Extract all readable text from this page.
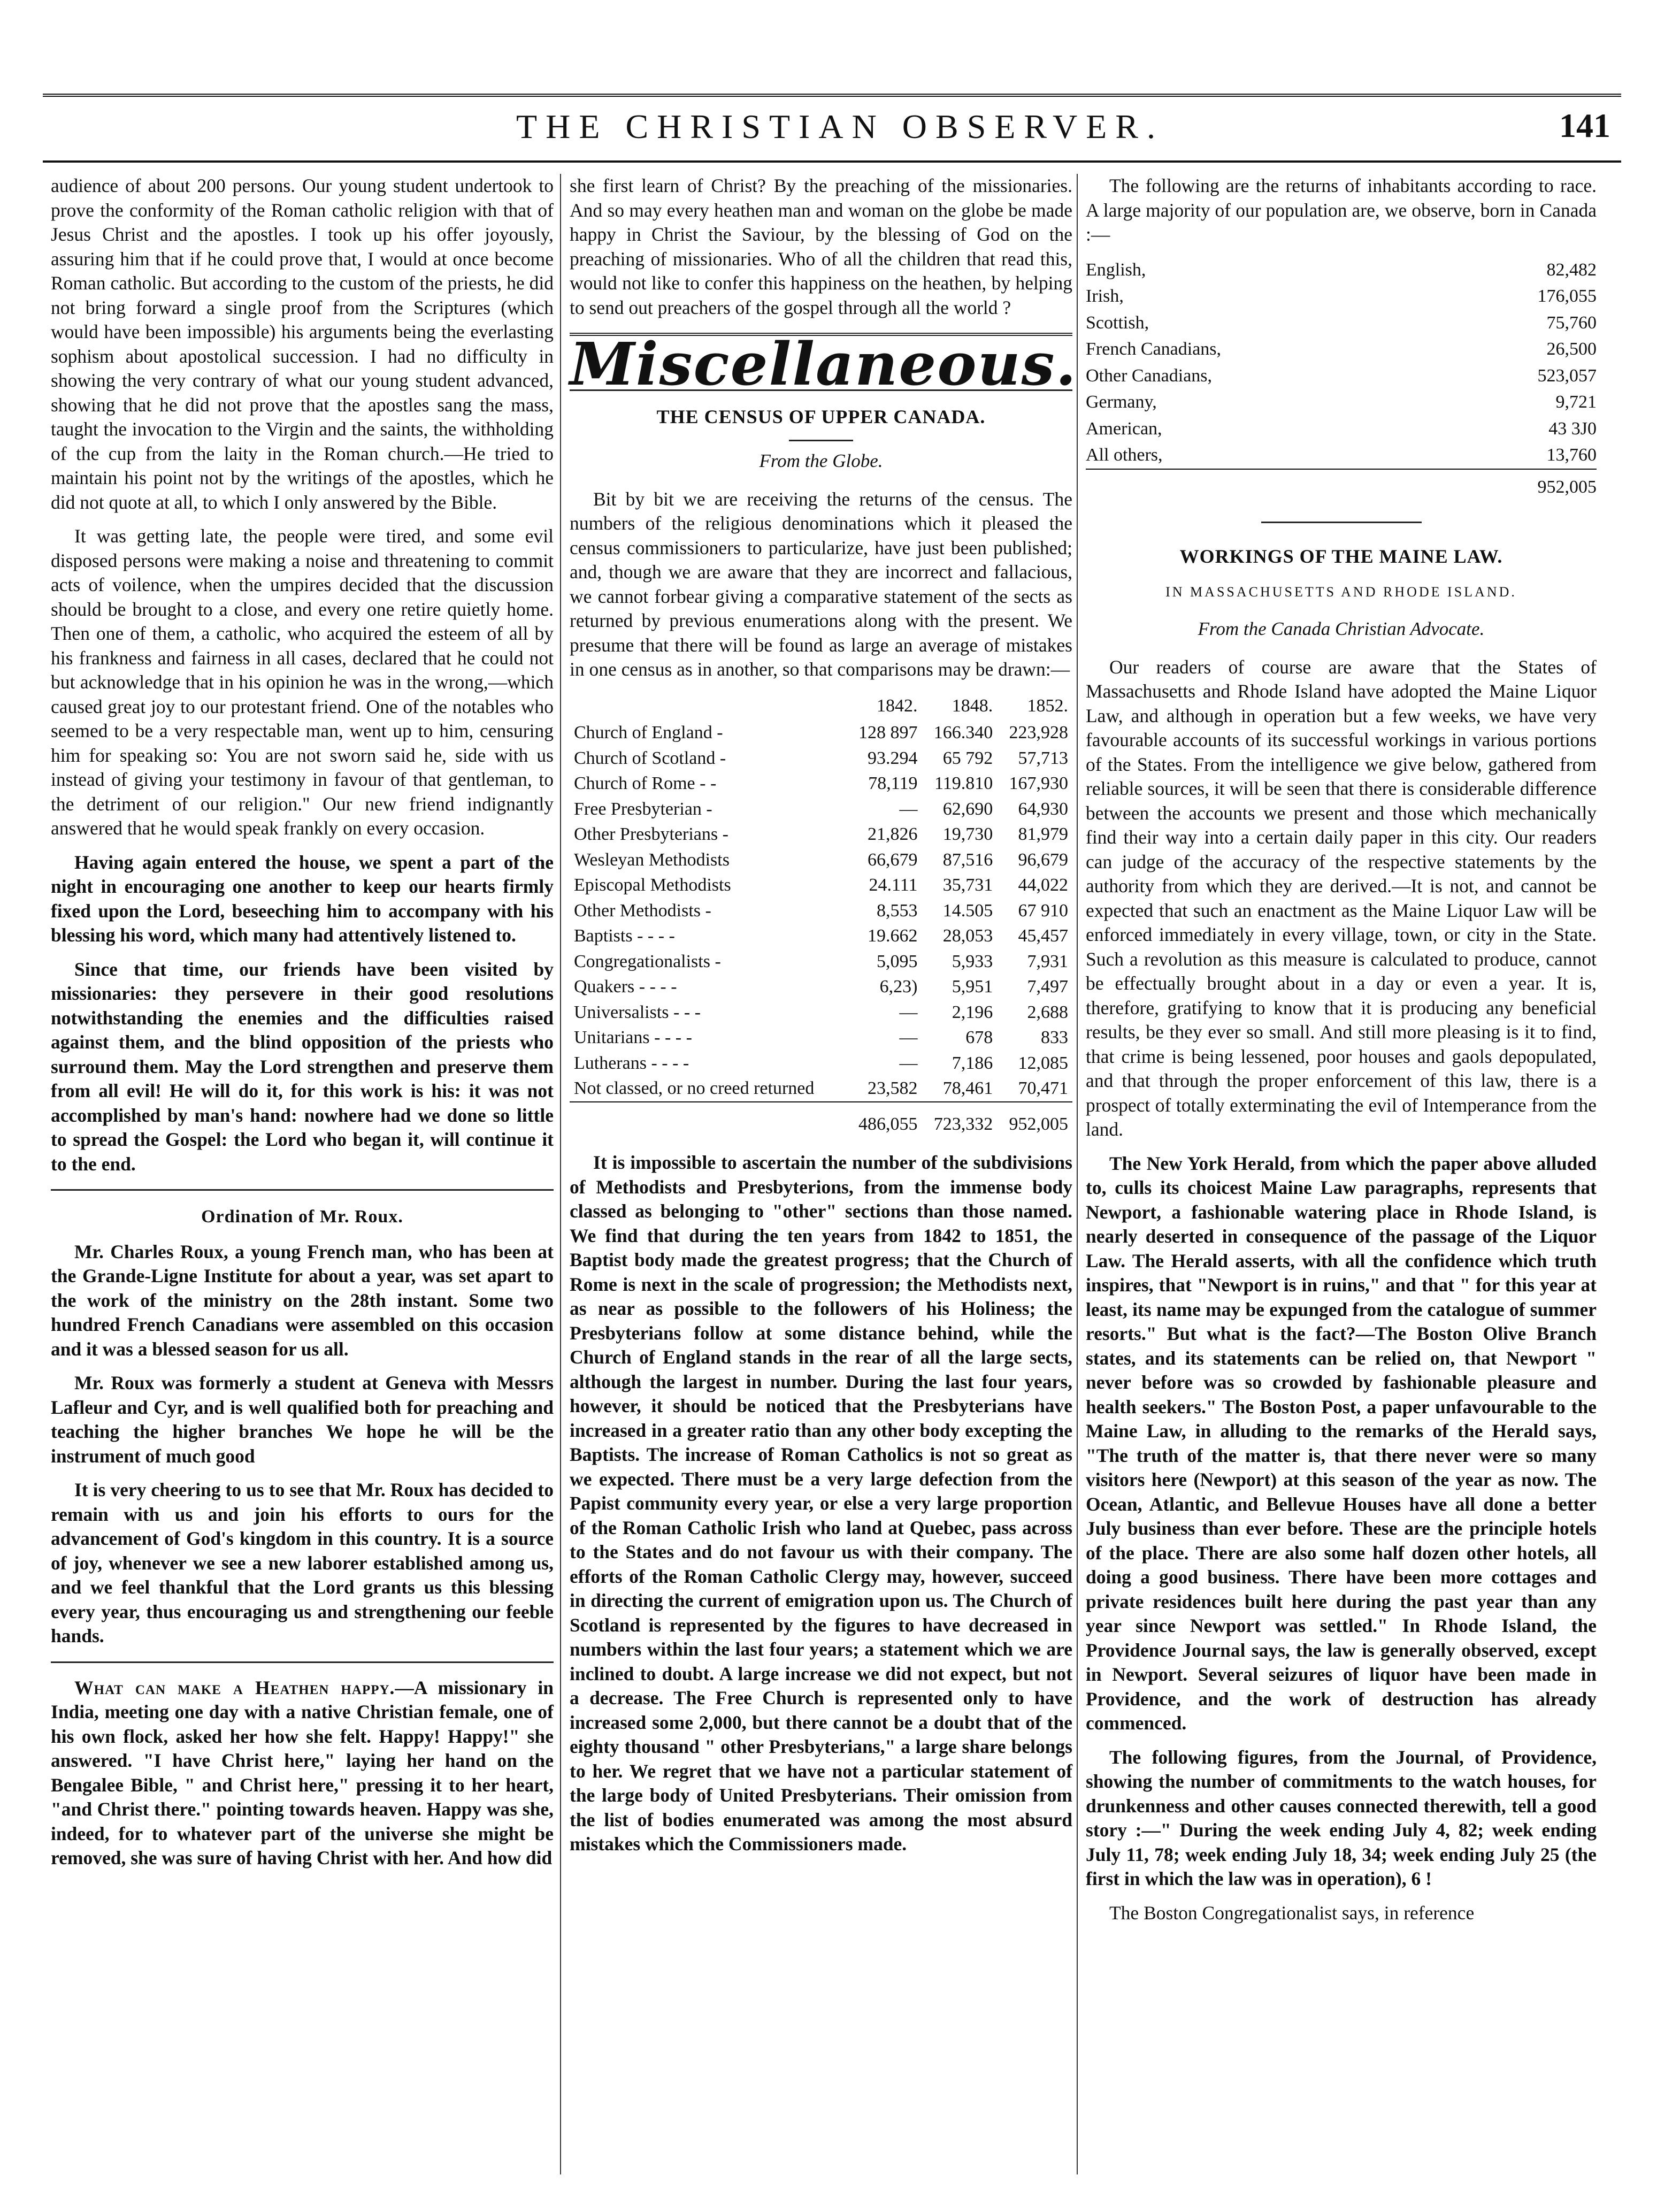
THE CHRISTIAN OBSERVER.	141

audience of about 200 persons. Our young student undertook to prove the conformity of the Roman catholic religion with that of Jesus Christ and the apostles. I took up his offer joyously, assuring him that if he could prove that, I would at once become Roman catholic. But according to the custom of the priests, he did not bring forward a single proof from the Scriptures (which would have been impossible) his arguments being the everlasting sophism about apostolical succession. I had no difficulty in showing the very contrary of what our young student advanced, showing that he did not prove that the apostles sang the mass, taught the invocation to the Virgin and the saints, the withholding of the cup from the laity in the Roman church.—He tried to maintain his point not by the writings of the apostles, which he did not quote at all, to which I only answered by the Bible.

It was getting late, the people were tired, and some evil disposed persons were making a noise and threatening to commit acts of voilence, when the umpires decided that the discussion should be brought to a close, and every one retire quietly home. Then one of them, a catholic, who acquired the esteem of all by his frankness and fairness in all cases, declared that he could not but acknowledge that in his opinion he was in the wrong,—which caused great joy to our protestant friend. One of the notables who seemed to be a very respectable man, went up to him, censuring him for speaking so: You are not sworn said he, side with us instead of giving your testimony in favour of that gentleman, to the detriment of our religion." Our new friend indignantly answered that he would speak frankly on every occasion.

Having again entered the house, we spent a part of the night in encouraging one another to keep our hearts firmly fixed upon the Lord, beseeching him to accompany with his blessing his word, which many had attentively listened to.

Since that time, our friends have been visited by missionaries: they persevere in their good resolutions notwithstanding the enemies and the difficulties raised against them, and the blind opposition of the priests who surround them. May the Lord strengthen and preserve them from all evil! He will do it, for this work is his: it was not accomplished by man's hand: nowhere had we done so little to spread the Gospel: the Lord who began it, will continue it to the end.

Ordination of Mr. Roux.

Mr. Charles Roux, a young French man, who has been at the Grande-Ligne Institute for about a year, was set apart to the work of the ministry on the 28th instant. Some two hundred French Canadians were assembled on this occasion and it was a blessed season for us all.

Mr. Roux was formerly a student at Geneva with Messrs Lafleur and Cyr, and is well qualified both for preaching and teaching the higher branches We hope he will be the instrument of much good

It is very cheering to us to see that Mr. Roux has decided to remain with us and join his efforts to ours for the advancement of God's kingdom in this country. It is a source of joy, whenever we see a new laborer established among us, and we feel thankful that the Lord grants us this blessing every year, thus encouraging us and strengthening our feeble hands.

What can make a Heathen happy.—A missionary in India, meeting one day with a native Christian female, one of his own flock, asked her how she felt. Happy! Happy!" she answered. "I have Christ here," laying her hand on the Bengalee Bible, " and Christ here," pressing it to her heart, "and Christ there." pointing towards heaven. Happy was she, indeed, for to whatever part of the universe she might be removed, she was sure of having Christ with her. And how did

she first learn of Christ? By the preaching of the missionaries. And so may every heathen man and woman on the globe be made happy in Christ the Saviour, by the blessing of God on the preaching of missionaries. Who of all the children that read this, would not like to confer this happiness on the heathen, by helping to send out preachers of the gospel through all the world ?

Miscellaneous.
THE CENSUS OF UPPER CANADA.
From the Globe.

Bit by bit we are receiving the returns of the census. The numbers of the religious denominations which it pleased the census commissioners to particularize, have just been published; and, though we are aware that they are incorrect and fallacious, we cannot forbear giving a comparative statement of the sects as returned by previous enumerations along with the present. We presume that there will be found as large an average of mistakes in one census as in another, so that comparisons may be drawn:—

	1842.	1848.	1852.
Church of England -	128 897	166.340	223,928
Church of Scotland -	93.294	65 792	57,713
Church of Rome - -	78,119	119.810	167,930
Free Presbyterian -	—	62,690	64,930
Other Presbyterians -	21,826	19,730	81,979
Wesleyan Methodists	66,679	87,516	96,679
Episcopal Methodists	24.111	35,731	44,022
Other Methodists -	8,553	14.505	67 910
Baptists - - - -	19.662	28,053	45,457
Congregationalists -	5,095	5,933	7,931
Quakers - - - -	6,23)	5,951	7,497
Universalists - - -	—	2,196	2,688
Unitarians - - - -	—	678	833
Lutherans - - - -	—	7,186	12,085
Not classed, or no creed returned	23,582	78,461	70,471
	486,055	723,332	952,005

It is impossible to ascertain the number of the subdivisions of Methodists and Presbyterions, from the immense body classed as belonging to "other" sections than those named. We find that during the ten years from 1842 to 1851, the Baptist body made the greatest progress; that the Church of Rome is next in the scale of progression; the Methodists next, as near as possible to the followers of his Holiness; the Presbyterians follow at some distance behind, while the Church of England stands in the rear of all the large sects, although the largest in number. During the last four years, however, it should be noticed that the Presbyterians have increased in a greater ratio than any other body excepting the Baptists. The increase of Roman Catholics is not so great as we expected. There must be a very large defection from the Papist community every year, or else a very large proportion of the Roman Catholic Irish who land at Quebec, pass across to the States and do not favour us with their company. The efforts of the Roman Catholic Clergy may, however, succeed in directing the current of emigration upon us. The Church of Scotland is represented by the figures to have decreased in numbers within the last four years; a statement which we are inclined to doubt. A large increase we did not expect, but not a decrease. The Free Church is represented only to have increased some 2,000, but there cannot be a doubt that of the eighty thousand " other Presbyterians," a large share belongs to her. We regret that we have not a particular statement of the large body of United Presbyterians. Their omission from the list of bodies enumerated was among the most absurd mistakes which the Commissioners made.

The following are the returns of inhabitants according to race. A large majority of our population are, we observe, born in Canada :—

English,	82,482
Irish,	176,055
Scottish,	75,760
French Canadians,	26,500
Other Canadians,	523,057
Germany,	9,721
American,	43 3J0
All others,	13,760
	952,005
WORKINGS OF THE MAINE LAW.
IN MASSACHUSETTS AND RHODE ISLAND.
From the Canada Christian Advocate.

Our readers of course are aware that the States of Massachusetts and Rhode Island have adopted the Maine Liquor Law, and although in operation but a few weeks, we have very favourable accounts of its successful workings in various portions of the States. From the intelligence we give below, gathered from reliable sources, it will be seen that there is considerable difference between the accounts we present and those which mechanically find their way into a certain daily paper in this city. Our readers can judge of the accuracy of the respective statements by the authority from which they are derived.—It is not, and cannot be expected that such an enactment as the Maine Liquor Law will be enforced immediately in every village, town, or city in the State. Such a revolution as this measure is calculated to produce, cannot be effectually brought about in a day or even a year. It is, therefore, gratifying to know that it is producing any beneficial results, be they ever so small. And still more pleasing is it to find, that crime is being lessened, poor houses and gaols depopulated, and that through the proper enforcement of this law, there is a prospect of totally exterminating the evil of Intemperance from the land.

The New York Herald, from which the paper above alluded to, culls its choicest Maine Law paragraphs, represents that Newport, a fashionable watering place in Rhode Island, is nearly deserted in consequence of the passage of the Liquor Law. The Herald asserts, with all the confidence which truth inspires, that "Newport is in ruins," and that " for this year at least, its name may be expunged from the catalogue of summer resorts." But what is the fact?—The Boston Olive Branch states, and its statements can be relied on, that Newport " never before was so crowded by fashionable pleasure and health seekers." The Boston Post, a paper unfavourable to the Maine Law, in alluding to the remarks of the Herald says, "The truth of the matter is, that there never were so many visitors here (Newport) at this season of the year as now. The Ocean, Atlantic, and Bellevue Houses have all done a better July business than ever before. These are the principle hotels of the place. There are also some half dozen other hotels, all doing a good business. There have been more cottages and private residences built here during the past year than any year since Newport was settled." In Rhode Island, the Providence Journal says, the law is generally observed, except in Newport. Several seizures of liquor have been made in Providence, and the work of destruction has already commenced.

The following figures, from the Journal, of Providence, showing the number of commitments to the watch houses, for drunkenness and other causes connected therewith, tell a good story :—" During the week ending July 4, 82; week ending July 11, 78; week ending July 18, 34; week ending July 25 (the first in which the law was in operation), 6 !

The Boston Congregationalist says, in reference
